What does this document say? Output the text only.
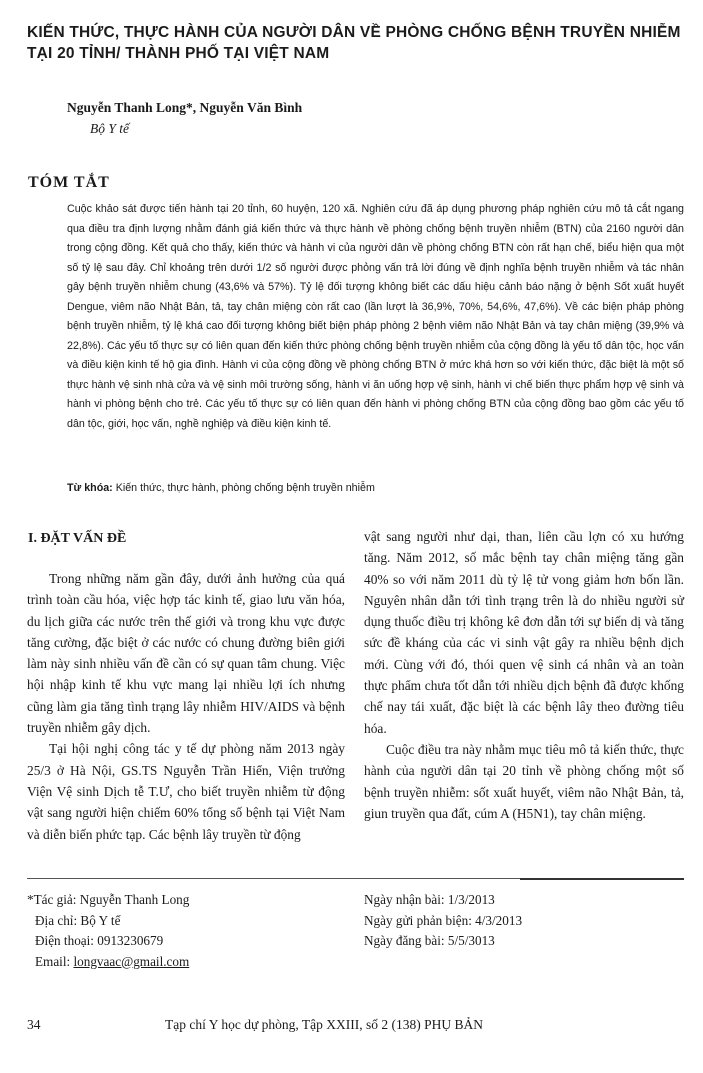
KIẾN THỨC, THỰC HÀNH CỦA NGƯỜI DÂN VỀ PHÒNG CHỐNG BỆNH TRUYỀN NHIỄM TẠI 20 TỈNH/ THÀNH PHỐ TẠI VIỆT NAM

Nguyễn Thanh Long*, Nguyễn Văn Bình

Bộ Y tế

TÓM TẮT

Cuộc khảo sát được tiến hành tại 20 tỉnh, 60 huyện, 120 xã. Nghiên cứu đã áp dụng phương pháp nghiên cứu mô tả cắt ngang qua điều tra định lượng nhằm đánh giá kiến thức và thực hành về phòng chống bệnh truyền nhiễm (BTN) của 2160 người dân trong cộng đồng. Kết quả cho thấy, kiến thức và hành vi của người dân về phòng chống BTN còn rất hạn chế, biểu hiện qua một số tỷ lệ sau đây. Chỉ khoảng trên dưới 1/2 số người được phỏng vấn trả lời đúng về định nghĩa bệnh truyền nhiễm và tác nhân gây bệnh truyền nhiễm chung (43,6% và 57%). Tỷ lệ đối tượng không biết các dấu hiệu cảnh báo nặng ở bệnh Sốt xuất huyết Dengue, viêm não Nhật Bản, tả, tay chân miệng còn rất cao (lần lượt là 36,9%, 70%, 54,6%, 47,6%). Về các biện pháp phòng bệnh truyền nhiễm, tỷ lệ khá cao đối tượng không biết biện pháp phòng 2 bệnh viêm não Nhật Bản và tay chân miệng (39,9% và 22,8%). Các yếu tố thực sự có liên quan đến kiến thức phòng chống bệnh truyền nhiễm của cộng đồng là yếu tố dân tộc, học vấn và điều kiện kinh tế hộ gia đình. Hành vi của cộng đồng về phòng chống BTN ở mức khá hơn so với kiến thức, đặc biệt là một số thực hành vệ sinh nhà cửa và vệ sinh môi trường sống, hành vi ăn uống hợp vệ sinh, hành vi chế biến thực phẩm hợp vệ sinh và hành vi phòng bệnh cho trẻ. Các yếu tố thực sự có liên quan đến hành vi phòng chống BTN của cộng đồng bao gồm các yếu tố dân tộc, giới, học vấn, nghề nghiệp và điều kiện kinh tế.

Từ khóa: Kiến thức, thực hành, phòng chống bệnh truyền nhiễm

I. ĐẶT VẤN ĐỀ

Trong những năm gần đây, dưới ảnh hưởng của quá trình toàn cầu hóa, việc hợp tác kinh tế, giao lưu văn hóa, du lịch giữa các nước trên thế giới và trong khu vực được tăng cường, đặc biệt ở các nước có chung đường biên giới làm này sinh nhiều vấn đề cần có sự quan tâm chung. Việc hội nhập kinh tế khu vực mang lại nhiều lợi ích nhưng cũng làm gia tăng tình trạng lây nhiễm HIV/AIDS và bệnh truyền nhiễm gây dịch.

Tại hội nghị công tác y tế dự phòng năm 2013 ngày 25/3 ở Hà Nội, GS.TS Nguyễn Trần Hiển, Viện trưởng Viện Vệ sinh Dịch tễ T.Ư, cho biết truyền nhiễm từ động vật sang người hiện chiếm 60% tổng số bệnh tại Việt Nam và diễn biến phức tạp. Các bệnh lây truyền từ động

vật sang người như dại, than, liên cầu lợn có xu hướng tăng. Năm 2012, số mắc bệnh tay chân miệng tăng gần 40% so với năm 2011 dù tỷ lệ tử vong giảm hơn bốn lần. Nguyên nhân dẫn tới tình trạng trên là do nhiều người sử dụng thuốc điều trị không kê đơn dẫn tới sự biến dị và tăng sức đề kháng của các vi sinh vật gây ra nhiều bệnh dịch mới. Cùng với đó, thói quen vệ sinh cá nhân và an toàn thực phẩm chưa tốt dẫn tới nhiều dịch bệnh đã được khống chế nay tái xuất, đặc biệt là các bệnh lây theo đường tiêu hóa.

Cuộc điều tra này nhằm mục tiêu mô tả kiến thức, thực hành của người dân tại 20 tỉnh về phòng chống một số bệnh truyền nhiễm: sốt xuất huyết, viêm não Nhật Bản, tả, giun truyền qua đất, cúm A (H5N1), tay chân miệng.

*Tác giả: Nguyễn Thanh Long
Địa chỉ: Bộ Y tế
Điện thoại: 0913230679
Email: longvaac@gmail.com
Ngày nhận bài: 1/3/2013
Ngày gửi phản biện: 4/3/2013
Ngày đăng bài: 5/5/3013
34	Tạp chí Y học dự phòng, Tập XXIII, số 2 (138) PHỤ BẢN
